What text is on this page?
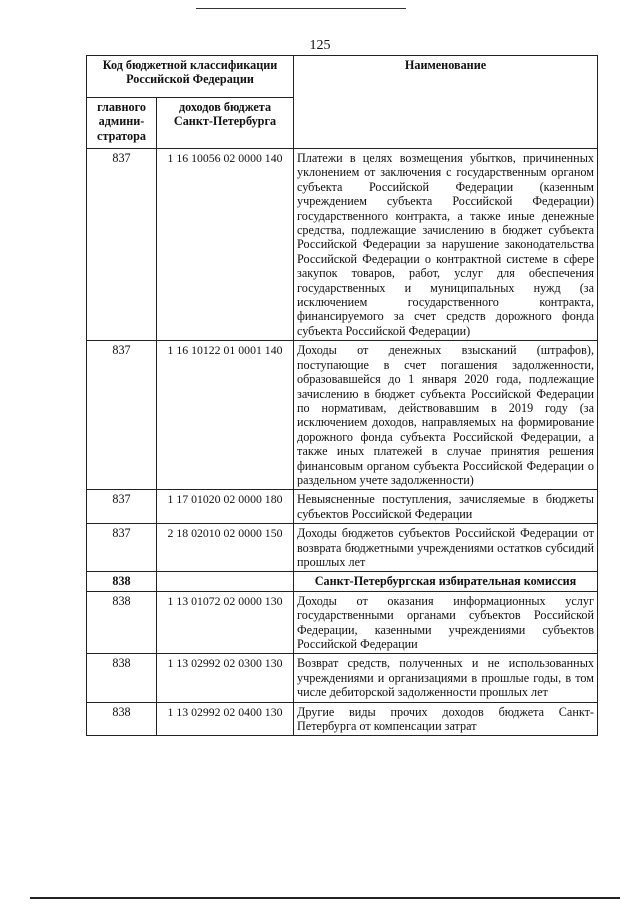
125
Код бюджетной классификации Российской Федерации		Наименование
главного админи-стратора	доходов бюджета Санкт-Петербурга	
837	1 16 10056 02 0000 140	Платежи в целях возмещения убытков, причиненных уклонением от заключения с государственным органом субъекта Российской Федерации (казенным учреждением субъекта Российской Федерации) государственного контракта, а также иные денежные средства, подлежащие зачислению в бюджет субъекта Российской Федерации за нарушение законодательства Российской Федерации о контрактной системе в сфере закупок товаров, работ, услуг для обеспечения государственных и муниципальных нужд (за исключением государственного контракта, финансируемого за счет средств дорожного фонда субъекта Российской Федерации)
837	1 16 10122 01 0001 140	Доходы от денежных взысканий (штрафов), поступающие в счет погашения задолженности, образовавшейся до 1 января 2020 года, подлежащие зачислению в бюджет субъекта Российской Федерации по нормативам, действовавшим в 2019 году (за исключением доходов, направляемых на формирование дорожного фонда субъекта Российской Федерации, а также иных платежей в случае принятия решения финансовым органом субъекта Российской Федерации о раздельном учете задолженности)
837	1 17 01020 02 0000 180	Невыясненные поступления, зачисляемые в бюджеты субъектов Российской Федерации
837	2 18 02010 02 0000 150	Доходы бюджетов субъектов Российской Федерации от возврата бюджетными учреждениями остатков субсидий прошлых лет
838		Санкт-Петербургская избирательная комиссия
838	1 13 01072 02 0000 130	Доходы от оказания информационных услуг государственными органами субъектов Российской Федерации, казенными учреждениями субъектов Российской Федерации
838	1 13 02992 02 0300 130	Возврат средств, полученных и не использованных учреждениями и организациями в прошлые годы, в том числе дебиторской задолженности прошлых лет
838	1 13 02992 02 0400 130	Другие виды прочих доходов бюджета Санкт-Петербурга от компенсации затрат
